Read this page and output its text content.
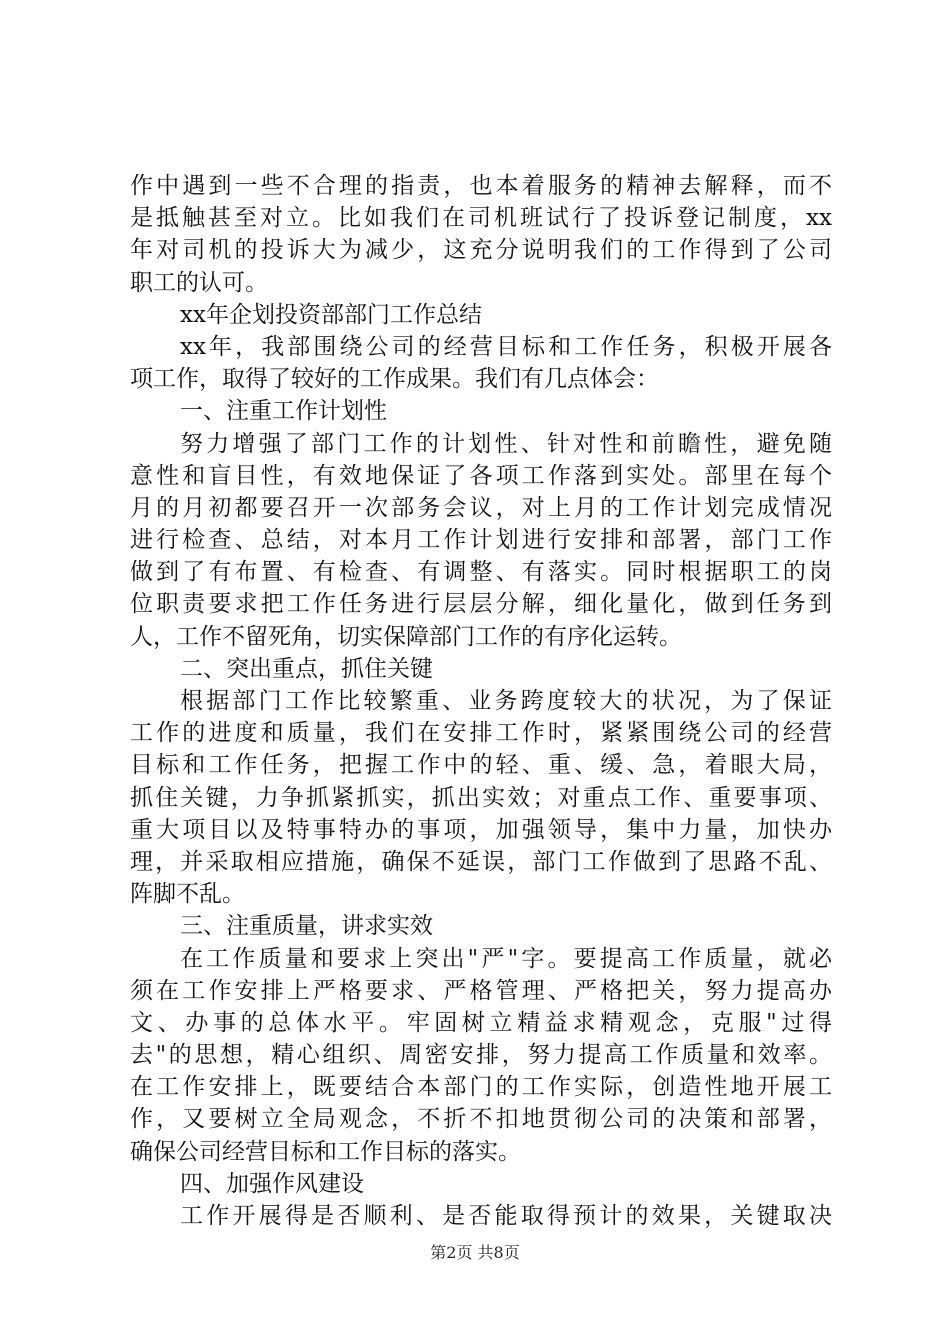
作中遇到一些不合理的指责，也本着服务的精神去解释，而不
是抵触甚至对立。比如我们在司机班试行了投诉登记制度，xx
年对司机的投诉大为减少，这充分说明我们的工作得到了公司
职工的认可。
xx年企划投资部部门工作总结
xx年，我部围绕公司的经营目标和工作任务，积极开展各
项工作，取得了较好的工作成果。我们有几点体会：
一、注重工作计划性
努力增强了部门工作的计划性、针对性和前瞻性，避免随
意性和盲目性，有效地保证了各项工作落到实处。部里在每个
月的月初都要召开一次部务会议，对上月的工作计划完成情况
进行检查、总结，对本月工作计划进行安排和部署，部门工作
做到了有布置、有检查、有调整、有落实。同时根据职工的岗
位职责要求把工作任务进行层层分解，细化量化，做到任务到
人，工作不留死角，切实保障部门工作的有序化运转。
二、突出重点，抓住关键
根据部门工作比较繁重、业务跨度较大的状况，为了保证
工作的进度和质量，我们在安排工作时，紧紧围绕公司的经营
目标和工作任务，把握工作中的轻、重、缓、急，着眼大局，
抓住关键，力争抓紧抓实，抓出实效；对重点工作、重要事项、
重大项目以及特事特办的事项，加强领导，集中力量，加快办
理，并采取相应措施，确保不延误，部门工作做到了思路不乱、
阵脚不乱。
三、注重质量，讲求实效
在工作质量和要求上突出"严"字。要提高工作质量，就必
须在工作安排上严格要求、严格管理、严格把关，努力提高办
文、办事的总体水平。牢固树立精益求精观念，克服"过得
去"的思想，精心组织、周密安排，努力提高工作质量和效率。
在工作安排上，既要结合本部门的工作实际，创造性地开展工
作，又要树立全局观念，不折不扣地贯彻公司的决策和部署，
确保公司经营目标和工作目标的落实。
四、加强作风建设
工作开展得是否顺利、是否能取得预计的效果，关键取决
第2页 共8页
